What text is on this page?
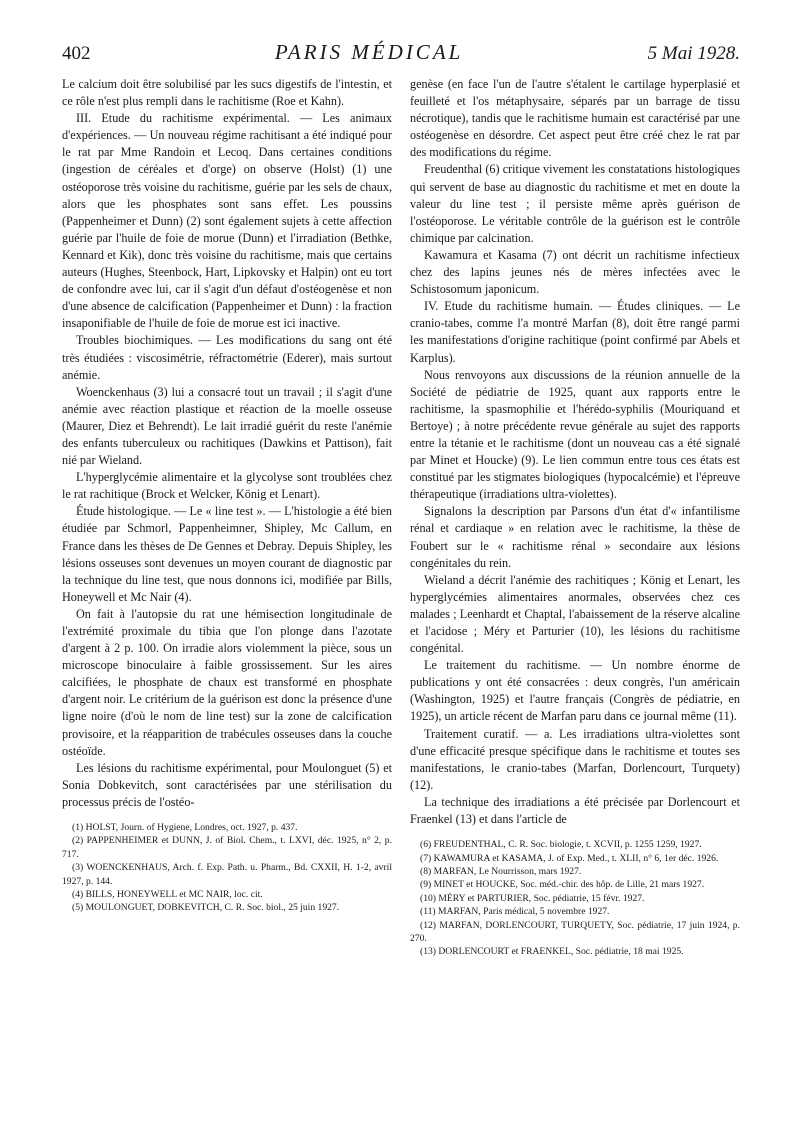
402	PARIS MÉDICAL	5 Mai 1928.

Le calcium doit être solubilisé par les sucs digestifs de l'intestin, et ce rôle n'est plus rempli dans le rachitisme (Roe et Kahn).

III. Etude du rachitisme expérimental. — Les animaux d'expériences. — Un nouveau régime rachitisant a été indiqué pour le rat par Mme Randoin et Lecoq. Dans certaines conditions (ingestion de céréales et d'orge) on observe (Holst) (1) une ostéoporose très voisine du rachitisme, guérie par les sels de chaux, alors que les phosphates sont sans effet. Les poussins (Pappenheimer et Dunn) (2) sont également sujets à cette affection guérie par l'huile de foie de morue (Dunn) et l'irradiation (Bethke, Kennard et Kik), donc très voisine du rachitisme, mais que certains auteurs (Hughes, Steenbock, Hart, Lipkovsky et Halpin) ont eu tort de confondre avec lui, car il s'agit d'un défaut d'ostéogenèse et non d'une absence de calcification (Pappenheimer et Dunn) : la fraction insaponifiable de l'huile de foie de morue est ici inactive.

Troubles biochimiques. — Les modifications du sang ont été très étudiées : viscosimétrie, réfractométrie (Ederer), mais surtout anémie.

Woenckenhaus (3) lui a consacré tout un travail ; il s'agit d'une anémie avec réaction plastique et réaction de la moelle osseuse (Maurer, Diez et Behrendt). Le lait irradié guérit du reste l'anémie des enfants tuberculeux ou rachitiques (Dawkins et Pattison), fait nié par Wieland.

L'hyperglycémie alimentaire et la glycolyse sont troublées chez le rat rachitique (Brock et Welcker, König et Lenart).

Étude histologique. — Le « line test ». — L'histologie a été bien étudiée par Schmorl, Pappenheimner, Shipley, Mc Callum, en France dans les thèses de De Gennes et Debray. Depuis Shipley, les lésions osseuses sont devenues un moyen courant de diagnostic par la technique du line test, que nous donnons ici, modifiée par Bills, Honeywell et Mc Nair (4).

On fait à l'autopsie du rat une hémisection longitudinale de l'extrémité proximale du tibia que l'on plonge dans l'azotate d'argent à 2 p. 100. On irradie alors violemment la pièce, sous un microscope binoculaire à faible grossissement. Sur les aires calcifiées, le phosphate de chaux est transformé en phosphate d'argent noir. Le critérium de la guérison est donc la présence d'une ligne noire (d'où le nom de line test) sur la zone de calcification provisoire, et la réapparition de trabécules osseuses dans la couche ostéoïde.

Les lésions du rachitisme expérimental, pour Moulonguet (5) et Sonia Dobkevitch, sont caractérisées par une stérilisation du processus précis de l'ostéo-

(1) HOLST, Journ. of Hygiene, Londres, oct. 1927, p. 437.

(2) PAPPENHEIMER et DUNN, J. of Biol. Chem., t. LXVI, déc. 1925, n° 2, p. 717.

(3) WOENCKENHAUS, Arch. f. Exp. Path. u. Pharm., Bd. CXXII, H. 1-2, avril 1927, p. 144.

(4) BILLS, HONEYWELL et MC NAIR, loc. cit.

(5) MOULONGUET, DOBKEVITCH, C. R. Soc. biol., 25 juin 1927.

genèse (en face l'un de l'autre s'étalent le cartilage hyperplasié et feuilleté et l'os métaphysaire, séparés par un barrage de tissu nécrotique), tandis que le rachitisme humain est caractérisé par une ostéogenèse en désordre. Cet aspect peut être créé chez le rat par des modifications du régime.

Freudenthal (6) critique vivement les constatations histologiques qui servent de base au diagnostic du rachitisme et met en doute la valeur du line test ; il persiste même après guérison de l'ostéoporose. Le véritable contrôle de la guérison est le contrôle chimique par calcination.

Kawamura et Kasama (7) ont décrit un rachitisme infectieux chez des lapins jeunes nés de mères infectées avec le Schistosomum japonicum.

IV. Etude du rachitisme humain. — Études cliniques. — Le cranio-tabes, comme l'a montré Marfan (8), doit être rangé parmi les manifestations d'origine rachitique (point confirmé par Abels et Karplus).

Nous renvoyons aux discussions de la réunion annuelle de la Société de pédiatrie de 1925, quant aux rapports entre le rachitisme, la spasmophilie et l'hérédo-syphilis (Mouriquand et Bertoye) ; à notre précédente revue générale au sujet des rapports entre la tétanie et le rachitisme (dont un nouveau cas a été signalé par Minet et Houcke) (9). Le lien commun entre tous ces états est constitué par les stigmates biologiques (hypocalcémie) et l'épreuve thérapeutique (irradiations ultra-violettes).

Signalons la description par Parsons d'un état d'« infantilisme rénal et cardiaque » en relation avec le rachitisme, la thèse de Foubert sur le « rachitisme rénal » secondaire aux lésions congénitales du rein.

Wieland a décrit l'anémie des rachitiques ; König et Lenart, les hyperglycémies alimentaires anormales, observées chez ces malades ; Leenhardt et Chaptal, l'abaissement de la réserve alcaline et l'acidose ; Méry et Parturier (10), les lésions du rachitisme congénital.

Le traitement du rachitisme. — Un nombre énorme de publications y ont été consacrées : deux congrès, l'un américain (Washington, 1925) et l'autre français (Congrès de pédiatrie, en 1925), un article récent de Marfan paru dans ce journal même (11).

Traitement curatif. — a. Les irradiations ultra-violettes sont d'une efficacité presque spécifique dans le rachitisme et toutes ses manifestations, le cranio-tabes (Marfan, Dorlencourt, Turquety) (12).

La technique des irradiations a été précisée par Dorlencourt et Fraenkel (13) et dans l'article de

(6) FREUDENTHAL, C. R. Soc. biologie, t. XCVII, p. 1255 1259, 1927.

(7) KAWAMURA et KASAMA, J. of Exp. Med., t. XLII, n° 6, 1er déc. 1926.

(8) MARFAN, Le Nourrisson, mars 1927.

(9) MINET et HOUCKE, Soc. méd.-chir. des hôp. de Lille, 21 mars 1927.

(10) MÉRY et PARTURIER, Soc. pédiatrie, 15 févr. 1927.

(11) MARFAN, Paris médical, 5 novembre 1927.

(12) MARFAN, DORLENCOURT, TURQUETY, Soc. pédiatrie, 17 juin 1924, p. 270.

(13) DORLENCOURT et FRAENKEL, Soc. pédiatrie, 18 mai 1925.
